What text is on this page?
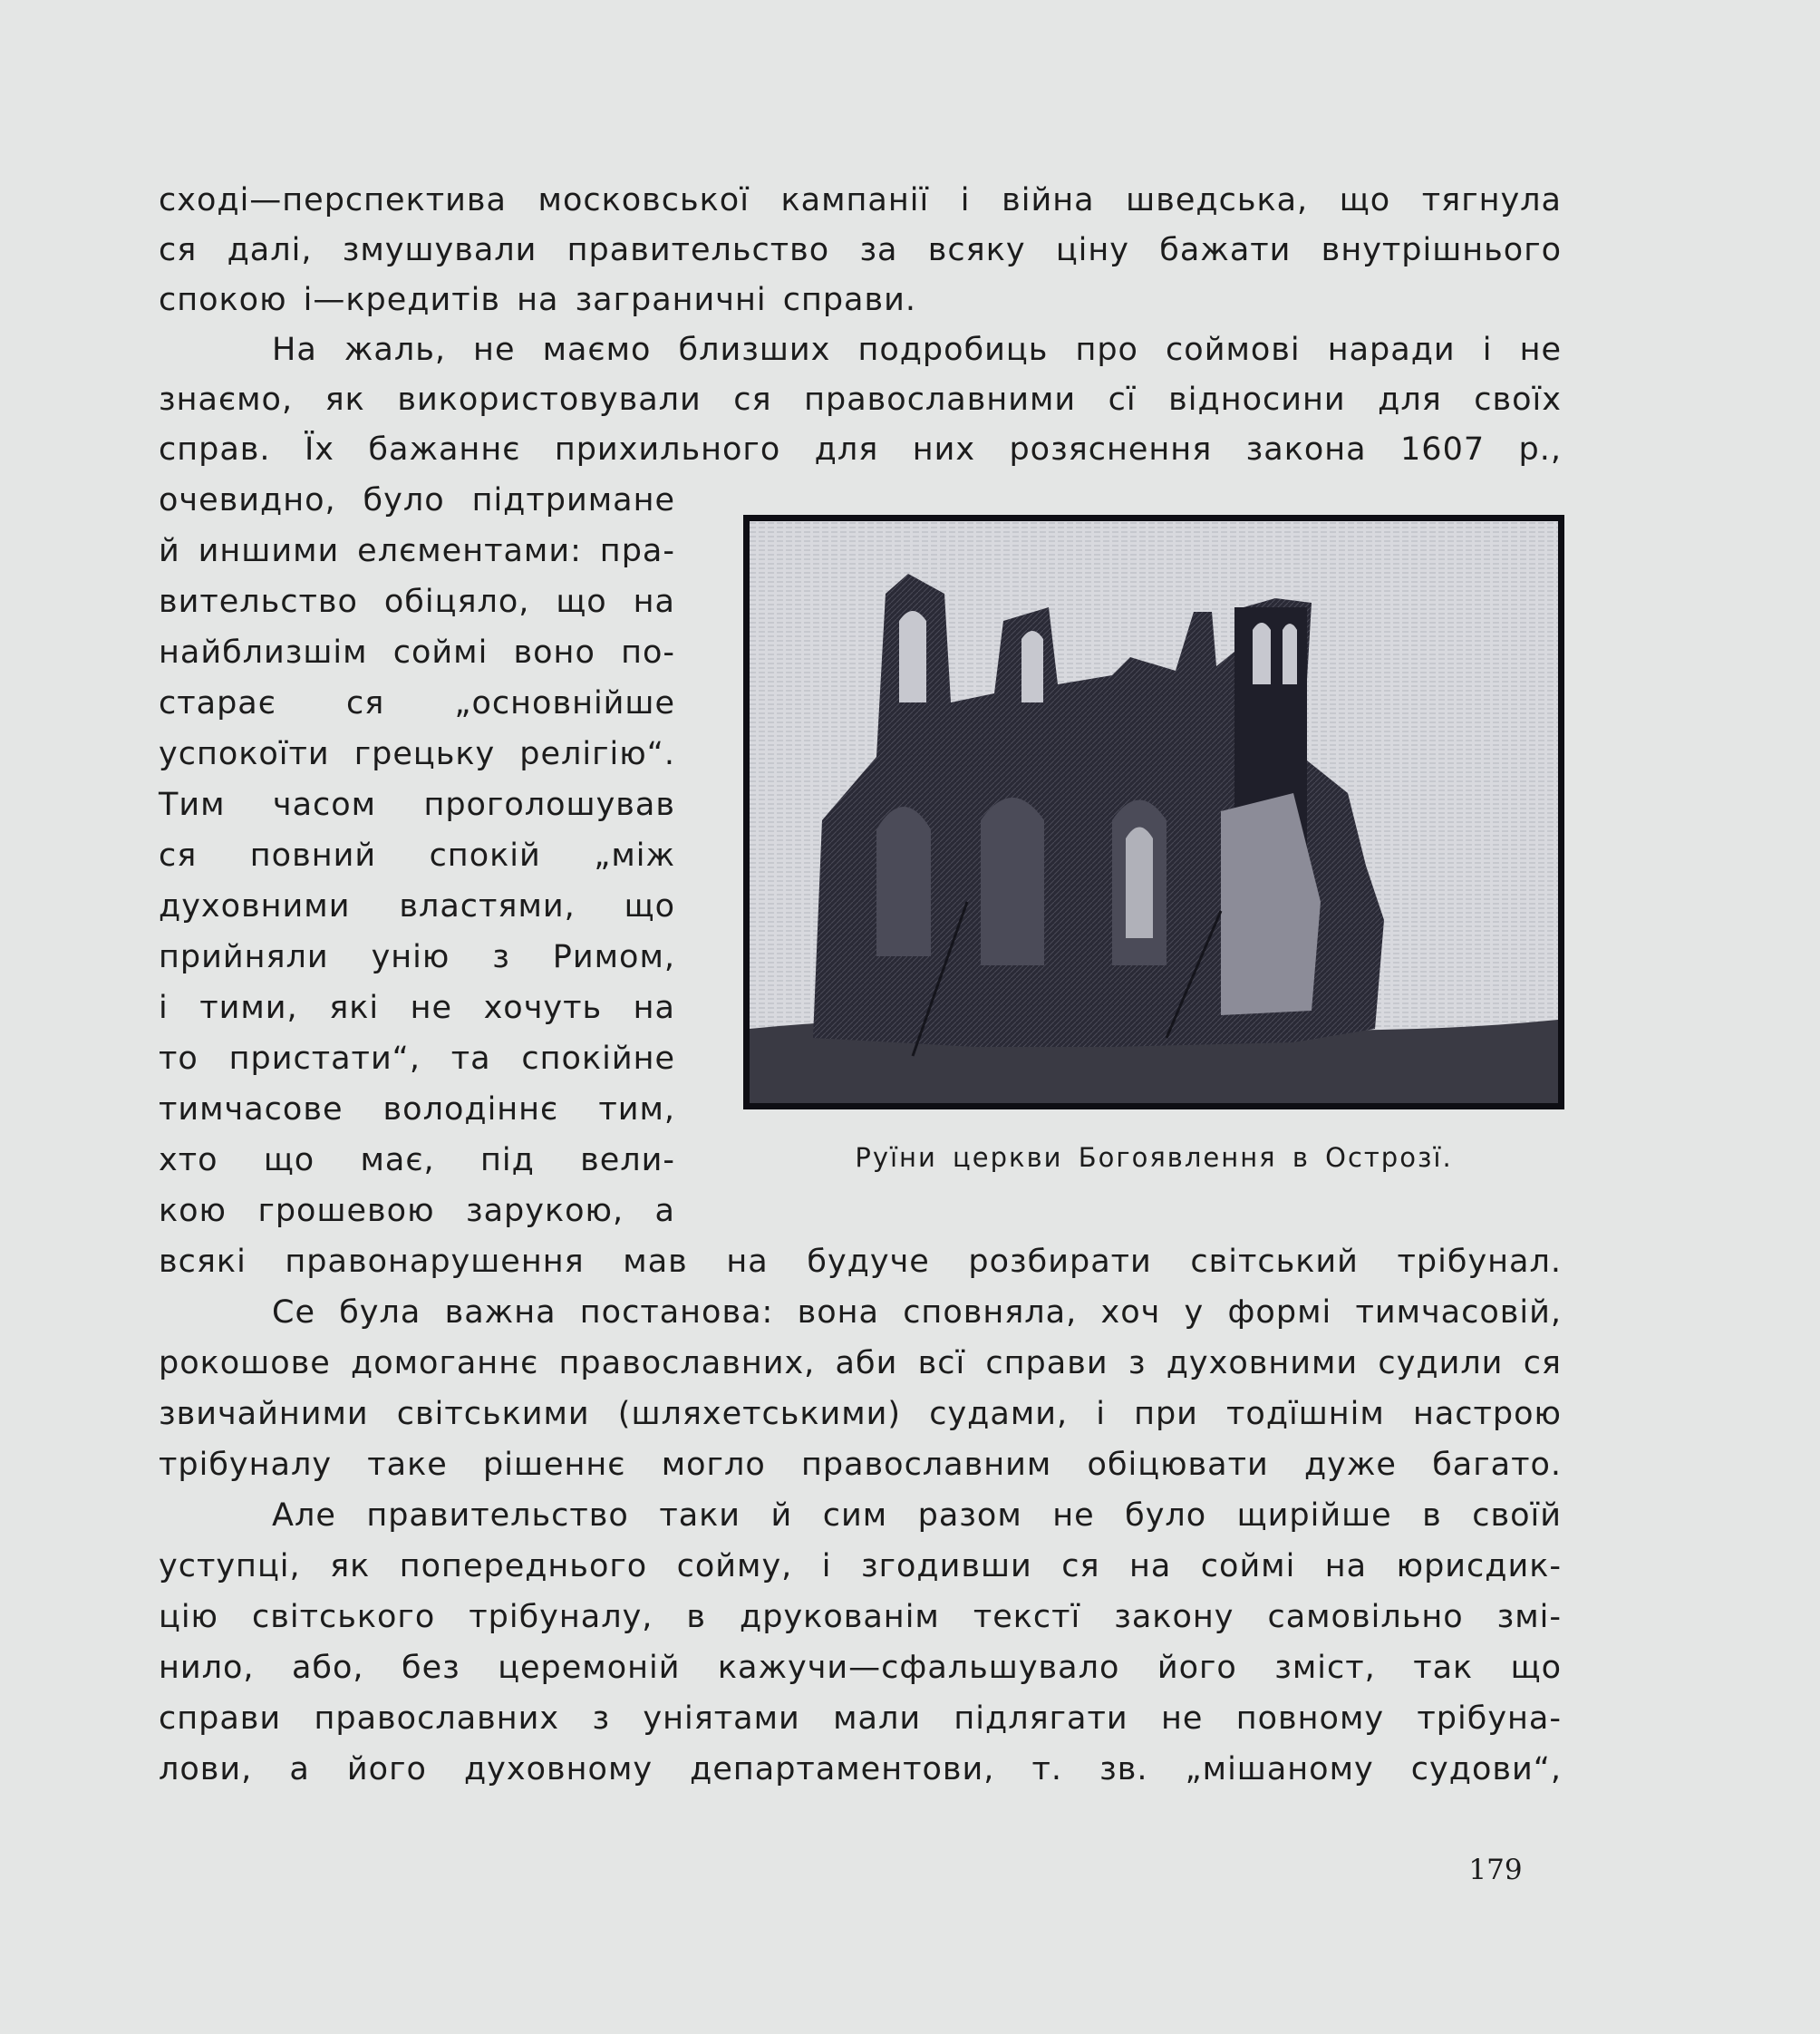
сході—перспектива московської кампанії і війна шведська, що тягнула
ся далі, змушували правительство за всяку ціну бажати внутрішнього
спокою і—кредитів на заграничні справи.
На жаль, не маємо близших подробиць про соймові наради і не
знаємо, як використовували ся православними сї відносини для своїх
справ. Їх бажаннє прихильного для них розяснення закона 1607 р.,
очевидно, було підтримане
й иншими елєментами: пра-
вительство обіцяло, що на
найблизшім соймі воно по-
старає ся „основнійше
успокоїти грецьку релігію“.
Тим часом проголошував
ся повний спокій „між
духовними властями, що
прийняли унію з Римом,
і тими, які не хочуть на
то пристати“, та спокійне
тимчасове володіннє тим,
хто що має, під вели-
кою грошевою зарукою, а
Руїни церкви Богоявлення в Острозї.
всякі правонарушення мав на будуче розбирати світський трібунал.
Се була важна постанова: вона сповняла, хоч у формі тимчасовій,
рокошове домоганнє православних, аби всї справи з духовними судили ся
звичайними світськими (шляхетськими) судами, і при тодїшнім настрою
трібуналу таке рішеннє могло православним обіцювати дуже багато.
Але правительство таки й сим разом не було щирійше в своїй
уступці, як попереднього сойму, і згодивши ся на соймі на юрисдик-
цію світського трібуналу, в друкованім текстї закону самовільно змі-
нило, або, без церемоній кажучи—сфальшувало його зміст, так що
справи православних з уніятами мали підлягати не повному трібуна-
лови, а його духовному департаментови, т. зв. „мішаному судови“,
179
